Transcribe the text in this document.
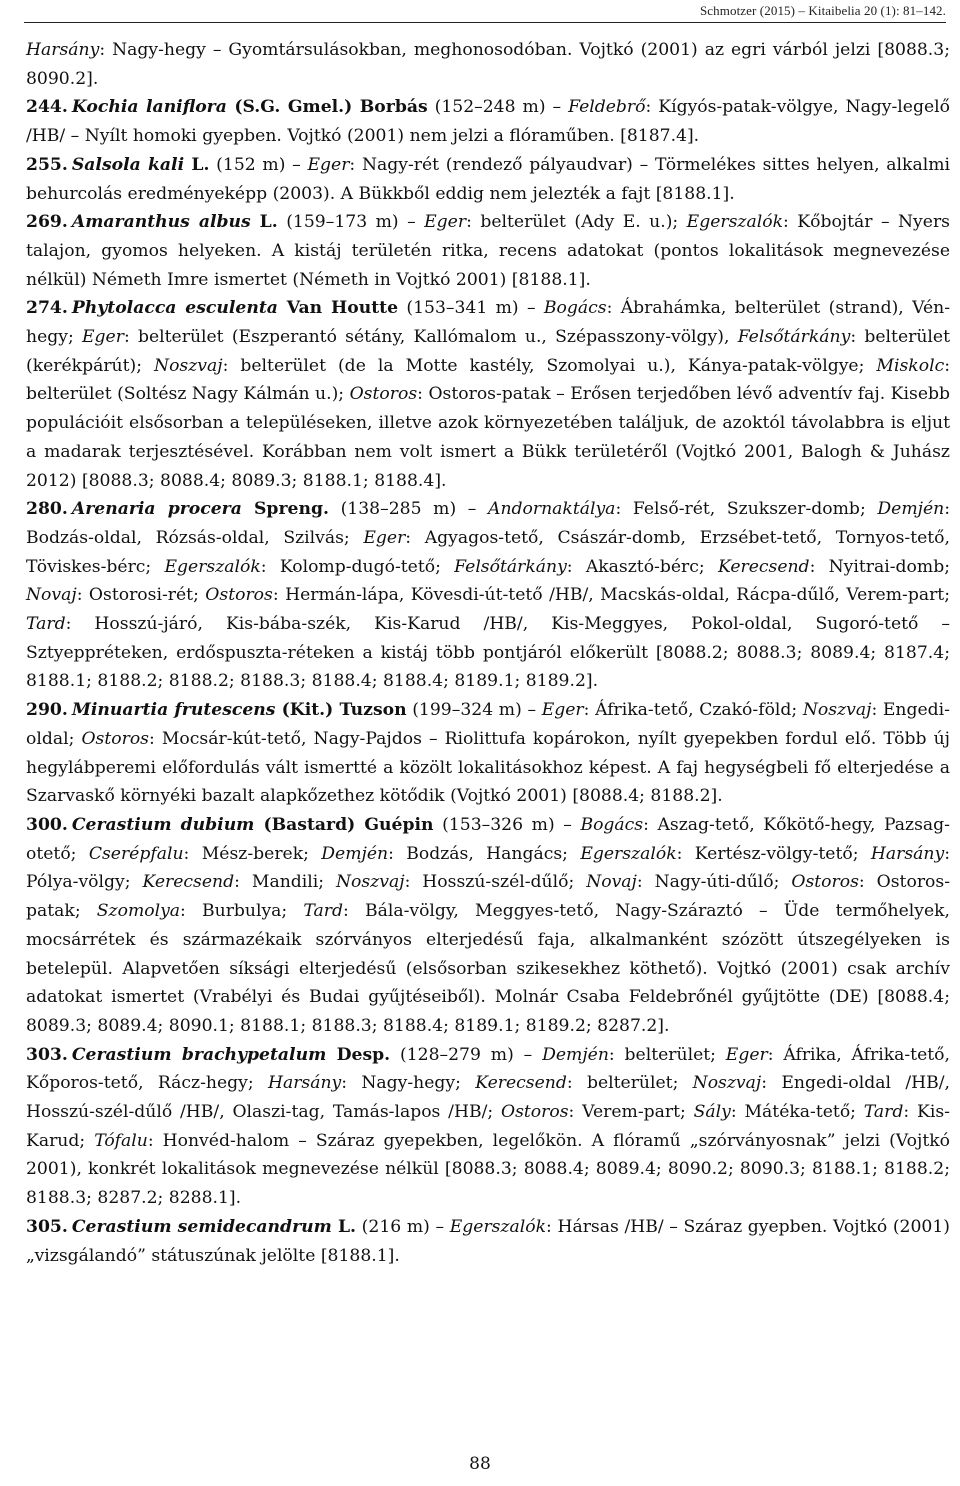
Schmotzer (2015) – Kitaibelia 20 (1): 81–142.

Harsány: Nagy-hegy – Gyomtársulásokban, meghonosodóban. Vojtkó (2001) az egri várból jelzi [8088.3; 8090.2].

244. Kochia laniflora (S.G. Gmel.) Borbás (152–248 m) – Feldebrő: Kígyós-patak-völgye, Nagy-legelő /HB/ – Nyílt homoki gyepben. Vojtkó (2001) nem jelzi a flóraműben. [8187.4].

255. Salsola kali L. (152 m) – Eger: Nagy-rét (rendező pályaudvar) – Törmelékes sittes helyen, alkalmi behurcolás eredményeképp (2003). A Bükkből eddig nem jelezték a fajt [8188.1].

269. Amaranthus albus L. (159–173 m) – Eger: belterület (Ady E. u.); Egerszalók: Kőbojtár – Nyers talajon, gyomos helyeken. A kistáj területén ritka, recens adatokat (pontos lokalitások megnevezése nélkül) Németh Imre ismertet (Németh in Vojtkó 2001) [8188.1].

274. Phytolacca esculenta Van Houtte (153–341 m) – Bogács: Ábrahámka, belterület (strand), Vén-hegy; Eger: belterület (Eszperantó sétány, Kallómalom u., Szépasszony-völgy), Felsőtárkány: belterület (kerékpárút); Noszvaj: belterület (de la Motte kastély, Szomolyai u.), Kánya-patak-völgye; Miskolc: belterület (Soltész Nagy Kálmán u.); Ostoros: Ostoros-patak – Erősen terjedőben lévő adventív faj. Kisebb populációit elsősorban a településeken, illetve azok környezetében találjuk, de azoktól távolabbra is eljut a madarak terjesztésével. Korábban nem volt ismert a Bükk területéről (Vojtkó 2001, Balogh & Juhász 2012) [8088.3; 8088.4; 8089.3; 8188.1; 8188.4].

280. Arenaria procera Spreng. (138–285 m) – Andornaktálya: Felső-rét, Szukszer-domb; Demjén: Bodzás-oldal, Rózsás-oldal, Szilvás; Eger: Agyagos-tető, Császár-domb, Erzsébet-tető, Tornyos-tető, Töviskes-bérc; Egerszalók: Kolomp-dugó-tető; Felsőtárkány: Akasztó-bérc; Kerecsend: Nyitrai-domb; Novaj: Ostorosi-rét; Ostoros: Hermán-lápa, Kövesdi-út-tető /HB/, Macskás-oldal, Rácpa-dűlő, Verem-part; Tard: Hosszú-járó, Kis-bába-szék, Kis-Karud /HB/, Kis-Meggyes, Pokol-oldal, Sugoró-tető – Sztyeppréteken, erdőspuszta-réteken a kistáj több pontjáról előkerült [8088.2; 8088.3; 8089.4; 8187.4; 8188.1; 8188.2; 8188.2; 8188.3; 8188.4; 8188.4; 8189.1; 8189.2].

290. Minuartia frutescens (Kit.) Tuzson (199–324 m) – Eger: Áfrika-tető, Czakó-föld; Noszvaj: Engedi-oldal; Ostoros: Mocsár-kút-tető, Nagy-Pajdos – Riolittufa kopárokon, nyílt gyepekben fordul elő. Több új hegylábperemi előfordulás vált ismertté a közölt lokalitásokhoz képest. A faj hegységbeli fő elterjedése a Szarvaskő környéki bazalt alapkőzethez kötődik (Vojtkó 2001) [8088.4; 8188.2].

300. Cerastium dubium (Bastard) Guépin (153–326 m) – Bogács: Aszag-tető, Kőkötő-hegy, Pazsag-otető; Cserépfalu: Mész-berek; Demjén: Bodzás, Hangács; Egerszalók: Kertész-völgy-tető; Harsány: Pólya-völgy; Kerecsend: Mandili; Noszvaj: Hosszú-szél-dűlő; Novaj: Nagy-úti-dűlő; Ostoros: Ostoros-patak; Szomolya: Burbulya; Tard: Bála-völgy, Meggyes-tető, Nagy-Száraztó – Üde termőhelyek, mocsárrétek és származékaik szórványos elterjedésű faja, alkalmanként szózött útszegélyeken is betelepül. Alapvetően síksági elterjedésű (elsősorban szikesekhez köthető). Vojtkó (2001) csak archív adatokat ismertet (Vrabélyi és Budai gyűjtéseiből). Molnár Csaba Feldebrőnél gyűjtötte (DE) [8088.4; 8089.3; 8089.4; 8090.1; 8188.1; 8188.3; 8188.4; 8189.1; 8189.2; 8287.2].

303. Cerastium brachypetalum Desp. (128–279 m) – Demjén: belterület; Eger: Áfrika, Áfrika-tető, Kőporos-tető, Rácz-hegy; Harsány: Nagy-hegy; Kerecsend: belterület; Noszvaj: Engedi-oldal /HB/, Hosszú-szél-dűlő /HB/, Olaszi-tag, Tamás-lapos /HB/; Ostoros: Verem-part; Sály: Mátéka-tető; Tard: Kis-Karud; Tófalu: Honvéd-halom – Száraz gyepekben, legelőkön. A flóramű „szórványosnak” jelzi (Vojtkó 2001), konkrét lokalitások megnevezése nélkül [8088.3; 8088.4; 8089.4; 8090.2; 8090.3; 8188.1; 8188.2; 8188.3; 8287.2; 8288.1].

305. Cerastium semidecandrum L. (216 m) – Egerszalók: Hársas /HB/ – Száraz gyepben. Vojtkó (2001) „vizsgálandó” státuszúnak jelölte [8188.1].

88
